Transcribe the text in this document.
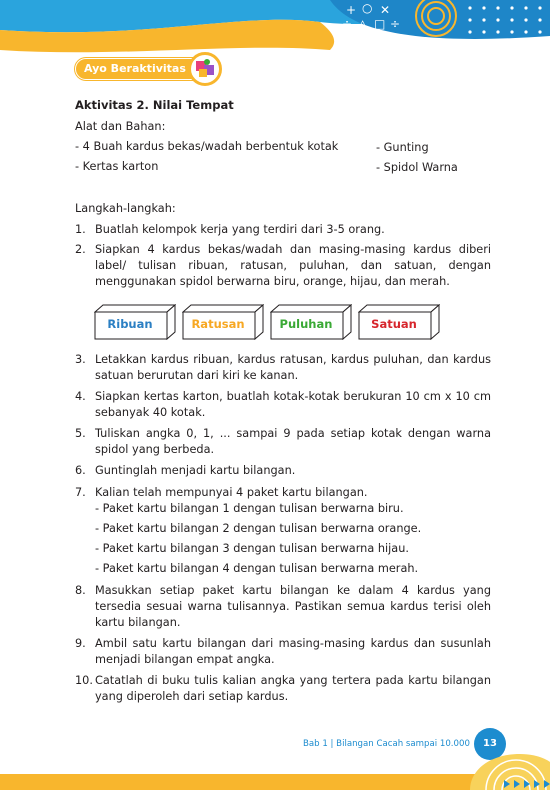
+ ○ ✕
÷ △ □ ÷
Ayo Beraktivitas
Aktivitas 2. Nilai Tempat
Alat dan Bahan:
- 4 Buah kardus bekas/wadah berbentuk kotak
- Kertas karton
- Gunting
- Spidol Warna
Langkah-langkah:
1. Buatlah kelompok kerja yang terdiri dari 3-5 orang.
2. Siapkan 4 kardus bekas/wadah dan masing-masing kardus diberi label/ tulisan ribuan, ratusan, puluhan, dan satuan, dengan menggunakan spidol berwarna biru, orange, hijau, dan merah.
Ribuan	Ratusan	Puluhan	Satuan
3. Letakkan kardus ribuan, kardus ratusan, kardus puluhan, dan kardus satuan berurutan dari kiri ke kanan.
4. Siapkan kertas karton, buatlah kotak-kotak berukuran 10 cm x 10 cm sebanyak 40 kotak.
5. Tuliskan angka 0, 1, ... sampai 9 pada setiap kotak dengan warna spidol yang berbeda.
6. Guntinglah menjadi kartu bilangan.
7. Kalian telah mempunyai 4 paket kartu bilangan.
- Paket kartu bilangan 1 dengan tulisan berwarna biru.
- Paket kartu bilangan 2 dengan tulisan berwarna orange.
- Paket kartu bilangan 3 dengan tulisan berwarna hijau.
- Paket kartu bilangan 4 dengan tulisan berwarna merah.
8. Masukkan setiap paket kartu bilangan ke dalam 4 kardus yang tersedia sesuai warna tulisannya. Pastikan semua kardus terisi oleh kartu bilangan.
9. Ambil satu kartu bilangan dari masing-masing kardus dan susunlah menjadi bilangan empat angka.
10. Catatlah di buku tulis kalian angka yang tertera pada kartu bilangan yang diperoleh dari setiap kardus.
Bab 1 | Bilangan Cacah sampai 10.000	13
